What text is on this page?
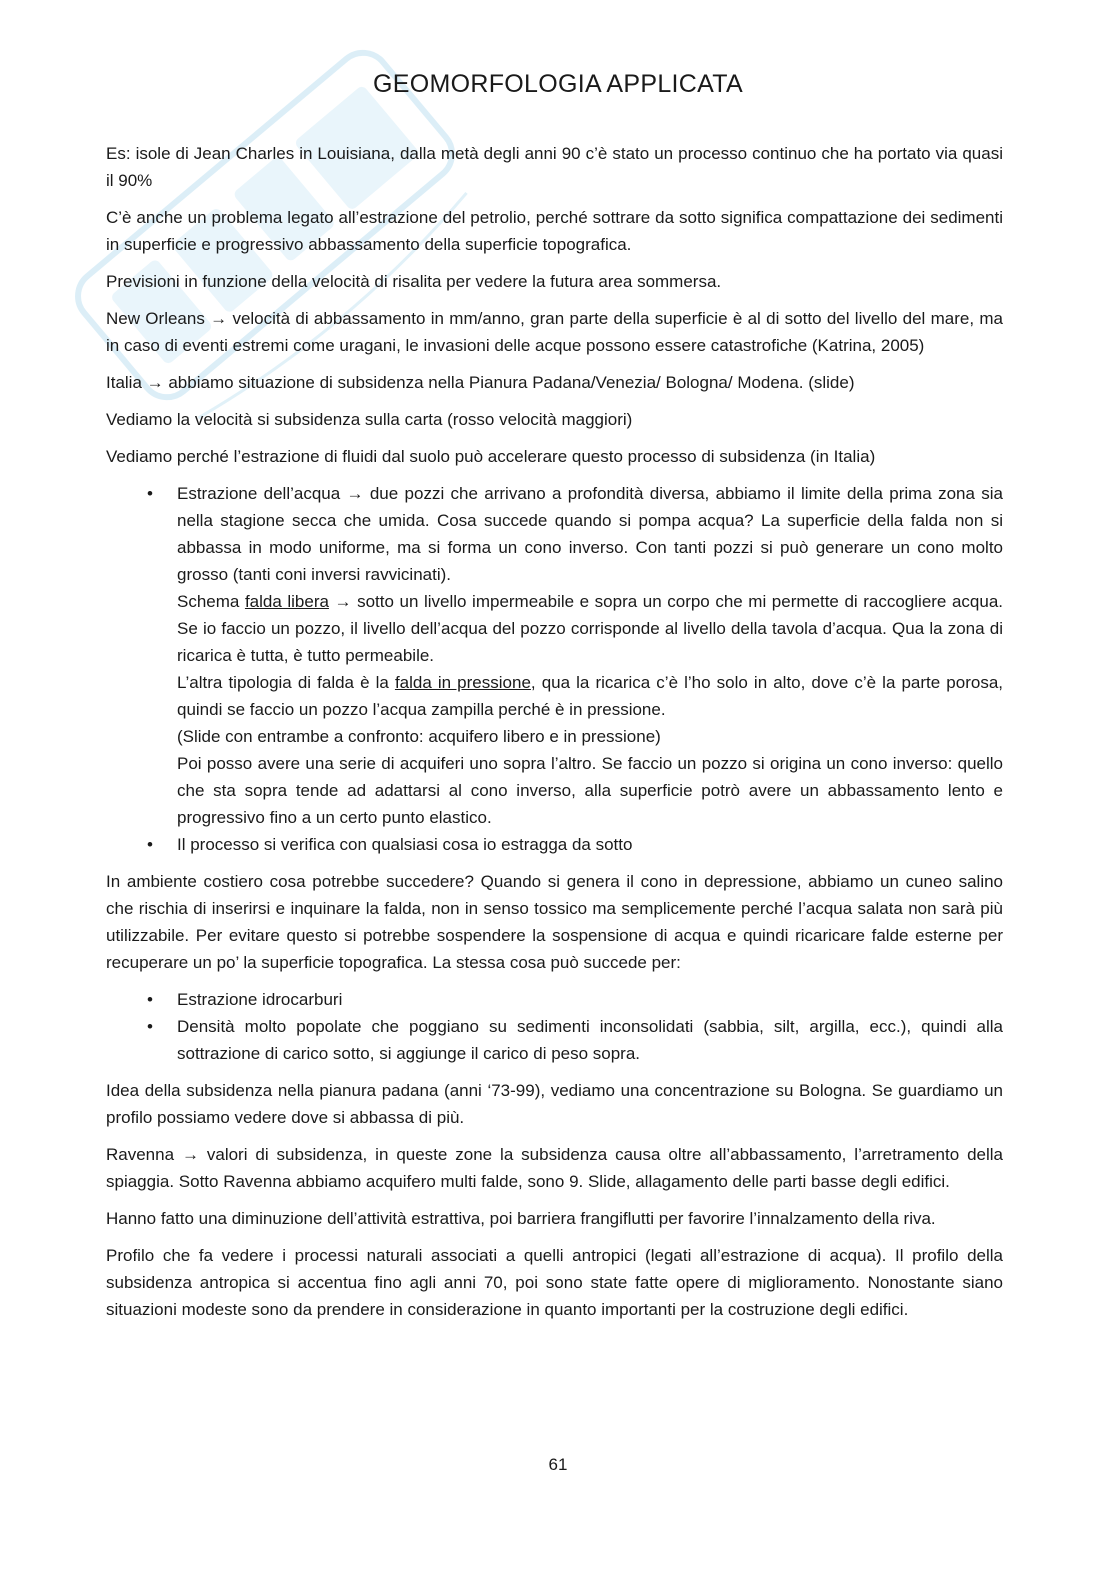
GEOMORFOLOGIA APPLICATA

Es: isole di Jean Charles in Louisiana, dalla metà degli anni 90 c’è stato un processo continuo che ha portato via quasi il 90%

C’è anche un problema legato all’estrazione del petrolio, perché sottrare da sotto significa compattazione dei sedimenti in superficie e progressivo abbassamento della superficie topografica.

Previsioni in funzione della velocità di risalita per vedere la futura area sommersa.

New Orleans → velocità di abbassamento in mm/anno, gran parte della superficie è al di sotto del livello del mare, ma in caso di eventi estremi come uragani, le invasioni delle acque possono essere catastrofiche (Katrina, 2005)

Italia → abbiamo situazione di subsidenza nella Pianura Padana/Venezia/ Bologna/ Modena. (slide)

Vediamo la velocità si subsidenza sulla carta (rosso velocità maggiori)

Vediamo perché l’estrazione di fluidi dal suolo può accelerare questo processo di subsidenza (in Italia)

• Estrazione dell’acqua → due pozzi che arrivano a profondità diversa, abbiamo il limite della prima zona sia nella stagione secca che umida. Cosa succede quando si pompa acqua? La superficie della falda non si abbassa in modo uniforme, ma si forma un cono inverso. Con tanti pozzi si può generare un cono molto grosso (tanti coni inversi ravvicinati).
Schema falda libera → sotto un livello impermeabile e sopra un corpo che mi permette di raccogliere acqua. Se io faccio un pozzo, il livello dell’acqua del pozzo corrisponde al livello della tavola d’acqua. Qua la zona di ricarica è tutta, è tutto permeabile.
L’altra tipologia di falda è la falda in pressione, qua la ricarica c’è l’ho solo in alto, dove c’è la parte porosa, quindi se faccio un pozzo l’acqua zampilla perché è in pressione.
(Slide con entrambe a confronto: acquifero libero e in pressione)
Poi posso avere una serie di acquiferi uno sopra l’altro. Se faccio un pozzo si origina un cono inverso: quello che sta sopra tende ad adattarsi al cono inverso, alla superficie potrò avere un abbassamento lento e progressivo fino a un certo punto elastico.
• Il processo si verifica con qualsiasi cosa io estragga da sotto

In ambiente costiero cosa potrebbe succedere? Quando si genera il cono in depressione, abbiamo un cuneo salino che rischia di inserirsi e inquinare la falda, non in senso tossico ma semplicemente perché l’acqua salata non sarà più utilizzabile. Per evitare questo si potrebbe sospendere la sospensione di acqua e quindi ricaricare falde esterne per recuperare un po’ la superficie topografica. La stessa cosa può succede per:

• Estrazione idrocarburi
• Densità molto popolate che poggiano su sedimenti inconsolidati (sabbia, silt, argilla, ecc.), quindi alla sottrazione di carico sotto, si aggiunge il carico di peso sopra.

Idea della subsidenza nella pianura padana (anni ‘73-99), vediamo una concentrazione su Bologna. Se guardiamo un profilo possiamo vedere dove si abbassa di più.

Ravenna → valori di subsidenza, in queste zone la subsidenza causa oltre all’abbassamento, l’arretramento della spiaggia. Sotto Ravenna abbiamo acquifero multi falde, sono 9. Slide, allagamento delle parti basse degli edifici.

Hanno fatto una diminuzione dell’attività estrattiva, poi barriera frangiflutti per favorire l’innalzamento della riva.

Profilo che fa vedere i processi naturali associati a quelli antropici (legati all’estrazione di acqua). Il profilo della subsidenza antropica si accentua fino agli anni 70, poi sono state fatte opere di miglioramento. Nonostante siano situazioni modeste sono da prendere in considerazione in quanto importanti per la costruzione degli edifici.

61
